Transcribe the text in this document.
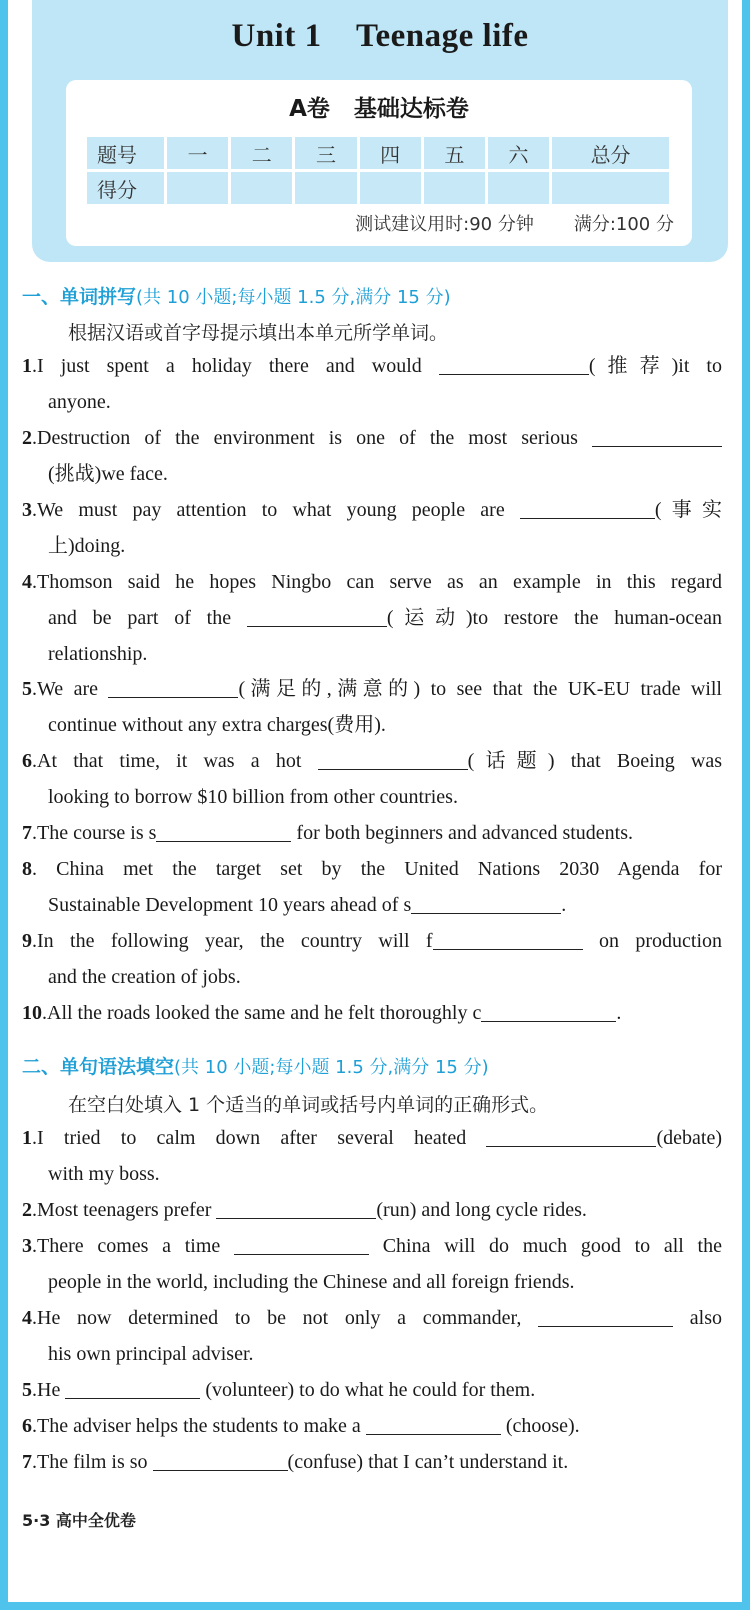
Unit 1    Teenage life
A卷   基础达标卷
题号	一	二	三	四	五	六	总分
得分							
测试建议用时:90 分钟 满分:100 分
一、单词拼写(共 10 小题;每小题 1.5 分,满分 15 分)
根据汉语或首字母提示填出本单元所学单词。
1.I just spent a holiday there and would	(推荐)it to
anyone.
2.Destruction of the environment is one of the most serious
(挑战)we face.
3.We must pay attention to what young people are	(事实
上)doing.
4.Thomson said he hopes Ningbo can serve as an example in this regard
and be part of the	(运动)to restore the human-ocean
relationship.
5.We are	(满足的,满意的) to see that the UK-EU trade will
continue without any extra charges(费用).
6.At that time, it was a hot	(话题) that Boeing was
looking to borrow $10 billion from other countries.
7.The course is s	for both beginners and advanced students.
8. China met the target set by the United Nations 2030 Agenda for
Sustainable Development 10 years ahead of s	.
9.In the following year, the country will f	on production
and the creation of jobs.
10.All the roads looked the same and he felt thoroughly c	.
二、单句语法填空(共 10 小题;每小题 1.5 分,满分 15 分)
在空白处填入 1 个适当的单词或括号内单词的正确形式。
1.I tried to calm down after several heated	(debate)
with my boss.
2.Most teenagers prefer	(run) and long cycle rides.
3.There comes a time	China will do much good to all the
people in the world, including the Chinese and all foreign friends.
4.He now determined to be not only a commander,	also
his own principal adviser.
5.He	(volunteer) to do what he could for them.
6.The adviser helps the students to make a	(choose).
7.The film is so	(confuse) that I can’t understand it.
5·3 高中全优卷
